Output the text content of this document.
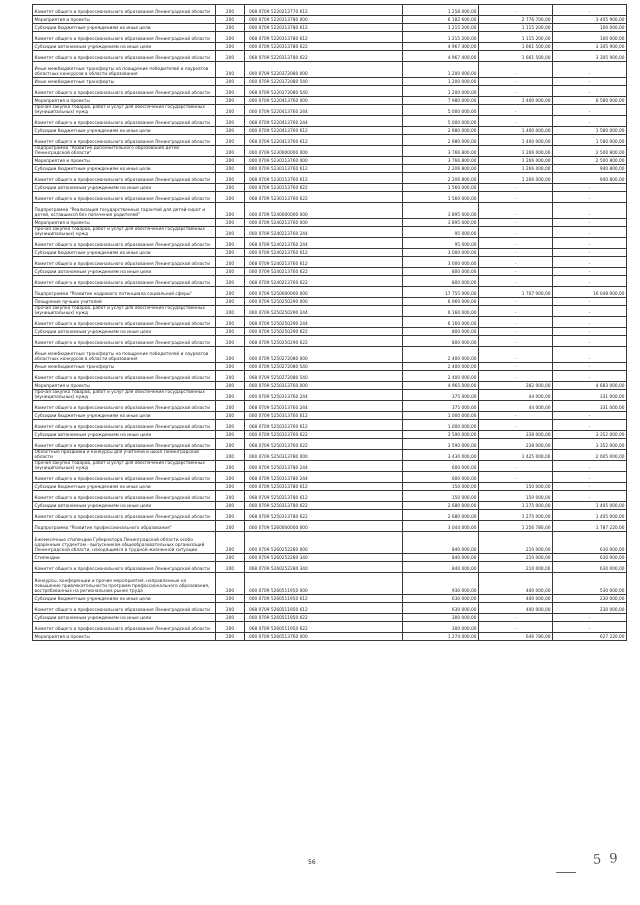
Комитет общего и профессионального образования Ленинградской области	200	068 0709 5220213770 612	1 258 000,00	-	-
Мероприятия и проекты	200	000 0709 5220313780 000	6 182 600,00	2 776 700,00	3 405 900,00
Субсидии бюджетным учреждениям на иные цели	200	000 0709 5220313780 612	1 215 200,00	1 115 200,00	100 000,00
Комитет общего и профессионального образования Ленинградской области	200	068 0709 5220313780 612	1 215 200,00	1 115 200,00	100 000,00
Субсидии автономным учреждениям на иные цели	200	000 0709 5220313780 622	4 967 400,00	1 661 500,00	3 305 900,00
Комитет общего и профессионального образования Ленинградской области	200	068 0709 5220313780 622	4 967 400,00	1 661 500,00	3 305 900,00
Иные межбюджетные трансферты на поощрение победителей и лауреатов областных конкурсов в области образования	200	000 0709 5220372080 000	1 200 000,00	-	-
Иные межбюджетные трансферты	200	000 0709 5220372080 540	1 200 000,00	-	-
Комитет общего и профессионального образования Ленинградской области	200	068 0709 5220372080 540	1 200 000,00	-	-
Мероприятия и проекты	200	000 0709 5220413760 000	7 980 000,00	1 400 000,00	6 580 000,00
Прочая закупка товаров, работ и услуг для обеспечения государственных (муниципальных) нужд	200	000 0709 5220413760 244	5 000 000,00	-	-
Комитет общего и профессионального образования Ленинградской области	200	068 0709 5220413760 244	5 000 000,00	-	-
Субсидии бюджетным учреждениям на иные цели	200	000 0709 5220413760 612	2 980 000,00	1 400 000,00	1 580 000,00
Комитет общего и профессионального образования Ленинградской области	200	068 0709 5220413760 612	2 980 000,00	1 400 000,00	1 580 000,00
Подпрограмма "Развитие дополнительного образования детей Ленинградской области"	200	000 0709 5230000000 000	3 766 800,00	1 266 000,00	2 500 800,00
Мероприятия и проекты	200	000 0709 5230113760 000	3 766 800,00	1 266 000,00	2 500 800,00
Субсидии бюджетным учреждениям на иные цели	200	000 0709 5230113760 612	2 206 800,00	1 266 000,00	940 800,00
Комитет общего и профессионального образования Ленинградской области	200	068 0709 5230113760 612	2 206 800,00	1 266 000,00	940 800,00
Субсидии автономным учреждениям на иные цели	200	000 0709 5230113760 622	1 560 000,00	-	-
Комитет общего и профессионального образования Ленинградской области	200	068 0709 5230113760 622	1 560 000,00	-	-
Подпрограмма "Реализация государственных гарантий для детей-сирот и детей, оставшихся без попечения родителей"	200	000 0709 5240000000 000	3 895 000,00	-	-
Мероприятия и проекты	200	000 0709 5240213760 000	3 895 000,00	-	-
Прочая закупка товаров, работ и услуг для обеспечения государственных (муниципальных) нужд	200	000 0709 5240213760 244	95 000,00	-	-
Комитет общего и профессионального образования Ленинградской области	200	068 0709 5240213760 244	95 000,00	-	-
Субсидии бюджетным учреждениям на иные цели	200	000 0709 5240213760 612	3 000 000,00	-	-
Комитет общего и профессионального образования Ленинградской области	200	068 0709 5240213760 612	3 000 000,00	-	-
Субсидии автономным учреждениям на иные цели	200	000 0709 5240213760 622	800 000,00	-	-
Комитет общего и профессионального образования Ленинградской области	200	068 0709 5240213760 622	800 000,00	-	-
Подпрограмма "Развитие кадрового потенциала социальной сферы"	200	000 0709 5250000000 000	17 755 000,00	1 707 000,00	16 048 000,00
Поощрение лучших учителей	200	000 0709 5250250290 000	6 960 000,00	-	-
Прочая закупка товаров, работ и услуг для обеспечения государственных (муниципальных) нужд	200	000 0709 5250250290 244	6 160 000,00	-	-
Комитет общего и профессионального образования Ленинградской области	200	068 0709 5250250290 244	6 160 000,00	-	-
Субсидии автономным учреждениям на иные цели	200	000 0709 5250250290 622	800 000,00	-	-
Комитет общего и профессионального образования Ленинградской области	200	068 0709 5250250290 622	800 000,00	-	-
Иные межбюджетные трансферты на поощрение победителей и лауреатов областных конкурсов в области образования	200	000 0709 5250272080 000	2 400 000,00	-	-
Иные межбюджетные трансферты	200	000 0709 5250272080 540	2 400 000,00	-	-
Комитет общего и профессионального образования Ленинградской области	200	068 0709 5250272080 540	2 400 000,00	-	-
Мероприятия и проекты	200	000 0709 5250313760 000	4 965 000,00	282 000,00	4 683 000,00
Прочая закупка товаров, работ и услуг для обеспечения государственных (муниципальных) нужд	200	000 0709 5250313760 244	375 000,00	44 000,00	331 000,00
Комитет общего и профессионального образования Ленинградской области	200	068 0709 5250313760 244	375 000,00	44 000,00	331 000,00
Субсидии бюджетным учреждениям на иные цели	200	000 0709 5250313760 612	1 000 000,00	-	-
Комитет общего и профессионального образования Ленинградской области	200	068 0709 5250313760 612	1 000 000,00	-	-
Субсидии автономным учреждениям на иные цели	200	000 0709 5250313760 622	3 590 000,00	238 000,00	3 352 000,00
Комитет общего и профессионального образования Ленинградской области	200	068 0709 5250313760 622	3 590 000,00	238 000,00	3 352 000,00
Областные праздники и конкурсы для учителей и школ Ленинградской области	200	000 0709 5250313780 000	3 430 000,00	1 425 000,00	2 005 000,00
Прочая закупка товаров, работ и услуг для обеспечения государственных (муниципальных) нужд	200	000 0709 5250313780 244	600 000,00	-	-
Комитет общего и профессионального образования Ленинградской области	200	068 0709 5250313780 244	600 000,00	-	-
Субсидии бюджетным учреждениям на иные цели	200	000 0709 5250313780 612	150 000,00	150 000,00	-
Комитет общего и профессионального образования Ленинградской области	200	068 0709 5250313780 612	150 000,00	150 000,00	-
Субсидии автономным учреждениям на иные цели	200	000 0709 5250313780 622	2 680 000,00	1 275 000,00	1 405 000,00
Комитет общего и профессионального образования Ленинградской области	200	068 0709 5250313780 622	2 680 000,00	1 275 000,00	1 405 000,00
Подпрограмма "Развитие профессионального образования"	200	000 0709 5260000000 000	3 044 000,00	1 256 780,00	1 787 220,00
Ежемесячные стипендии Губернатора Ленинградской области особо одаренным студентам - выпускникам общеобразовательных организаций Ленинградской области, находящимся в трудной жизненной ситуации	200	000 0709 5260252280 000	840 000,00	210 000,00	630 000,00
Стипендии	200	000 0709 5260252280 340	840 000,00	210 000,00	630 000,00
Комитет общего и профессионального образования Ленинградской области	200	068 0709 5260252280 340	840 000,00	210 000,00	630 000,00
Конкурсы, конференции и прочие мероприятия, направленные на повышение привлекательности программ профессионального образования, востребованных на региональном рынке труда	200	000 0709 5260511950 000	930 000,00	400 000,00	530 000,00
Субсидии бюджетным учреждениям на иные цели	200	000 0709 5260511950 612	630 000,00	400 000,00	230 000,00
Комитет общего и профессионального образования Ленинградской области	200	068 0709 5260511950 612	630 000,00	400 000,00	230 000,00
Субсидии автономным учреждениям на иные цели	200	000 0709 5260511950 622	300 000,00	-	-
Комитет общего и профессионального образования Ленинградской области	200	068 0709 5260511950 622	300 000,00	-	-
Мероприятия и проекты	200	000 0709 5260513760 000	1 274 000,00	646 780,00	627 220,00
56	5 9
